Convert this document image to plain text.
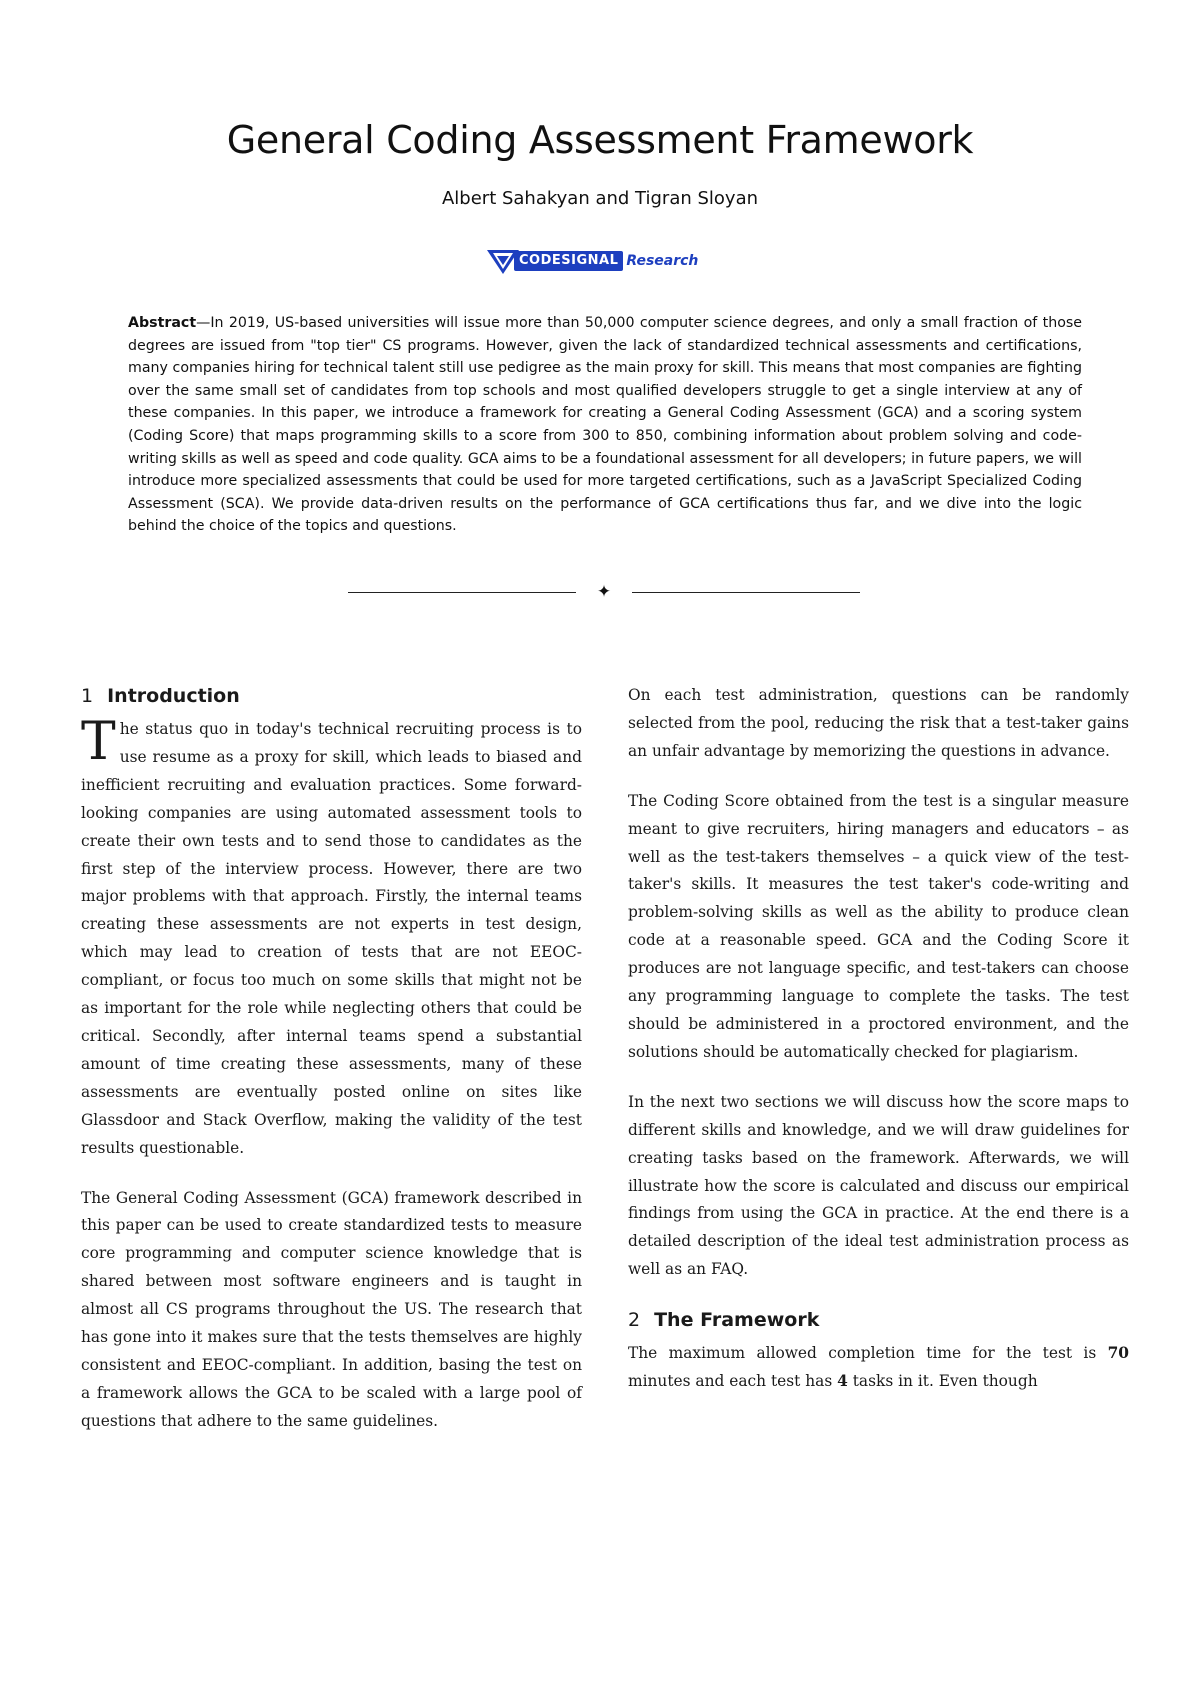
General Coding Assessment Framework
Albert Sahakyan and Tigran Sloyan
CODESIGNAL Research

Abstract—In 2019, US-based universities will issue more than 50,000 computer science degrees, and only a small fraction of those degrees are issued from "top tier" CS programs. However, given the lack of standardized technical assessments and certifications, many companies hiring for technical talent still use pedigree as the main proxy for skill. This means that most companies are fighting over the same small set of candidates from top schools and most qualified developers struggle to get a single interview at any of these companies. In this paper, we introduce a framework for creating a General Coding Assessment (GCA) and a scoring system (Coding Score) that maps programming skills to a score from 300 to 850, combining information about problem solving and code-writing skills as well as speed and code quality. GCA aims to be a foundational assessment for all developers; in future papers, we will introduce more specialized assessments that could be used for more targeted certifications, such as a JavaScript Specialized Coding Assessment (SCA). We provide data-driven results on the performance of GCA certifications thus far, and we dive into the logic behind the choice of the topics and questions.

✦
1 Introduction

The status quo in today's technical recruiting process is to use resume as a proxy for skill, which leads to biased and inefficient recruiting and evaluation practices. Some forward-looking companies are using automated assessment tools to create their own tests and to send those to candidates as the first step of the interview process. However, there are two major problems with that approach. Firstly, the internal teams creating these assessments are not experts in test design, which may lead to creation of tests that are not EEOC-compliant, or focus too much on some skills that might not be as important for the role while neglecting others that could be critical. Secondly, after internal teams spend a substantial amount of time creating these assessments, many of these assessments are eventually posted online on sites like Glassdoor and Stack Overflow, making the validity of the test results questionable.

The General Coding Assessment (GCA) framework described in this paper can be used to create standardized tests to measure core programming and computer science knowledge that is shared between most software engineers and is taught in almost all CS programs throughout the US. The research that has gone into it makes sure that the tests themselves are highly consistent and EEOC-compliant. In addition, basing the test on a framework allows the GCA to be scaled with a large pool of questions that adhere to the same guidelines.

On each test administration, questions can be randomly selected from the pool, reducing the risk that a test-taker gains an unfair advantage by memorizing the questions in advance.

The Coding Score obtained from the test is a singular measure meant to give recruiters, hiring managers and educators – as well as the test-takers themselves – a quick view of the test-taker's skills. It measures the test taker's code-writing and problem-solving skills as well as the ability to produce clean code at a reasonable speed. GCA and the Coding Score it produces are not language specific, and test-takers can choose any programming language to complete the tasks. The test should be administered in a proctored environment, and the solutions should be automatically checked for plagiarism.

In the next two sections we will discuss how the score maps to different skills and knowledge, and we will draw guidelines for creating tasks based on the framework. Afterwards, we will illustrate how the score is calculated and discuss our empirical findings from using the GCA in practice. At the end there is a detailed description of the ideal test administration process as well as an FAQ.

2 The Framework

The maximum allowed completion time for the test is 70 minutes and each test has 4 tasks in it. Even though
